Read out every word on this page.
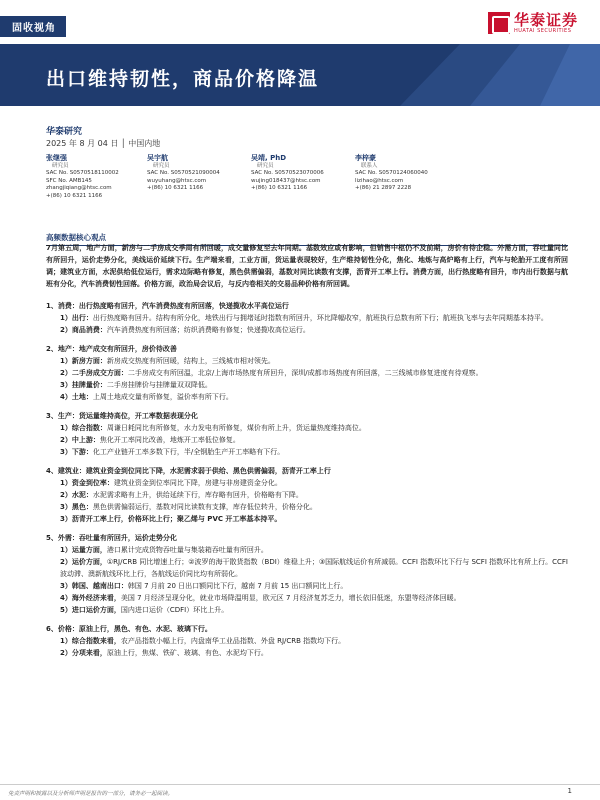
固收视角	华泰证券
HUATAI SECURITIES
出口维持韧性，商品价格降温
华泰研究
2025 年 8 月 04 日 │ 中国内地
张继强
研究员
SAC No. S0570518110002
SFC No. AMB145
zhangjiqiang@htsc.com
+(86) 10 6321 1166
吴宇航
研究员
SAC No. S0570521090004
wuyuhang@htsc.com
+(86) 10 6321 1166
吴靖, PhD
研究员
SAC No. S0570523070006
wujing018437@htsc.com
+(86) 10 6321 1166
李梓豪
联系人
SAC No. S0570124060040
lizihao@htsc.com
+(86) 21 2897 2228
高频数据核心观点
7月第五周，地产方面，新房与二手房成交季周有所回暖，成交量修复至去年同期。基数效应或有影响，但销售中枢仍不及前期，房价有待企稳。外需方面，吞吐量同比有所回升，运价走势分化，美线运价延续下行。生产端来看，工业方面，货运量表现较好，生产维持韧性分化，焦化、地炼与高炉略有上行，汽车与轮胎开工度有所回调；建筑业方面，水泥供给低位运行，需求边际略有修复，黑色供需偏弱，基数对同比读数有支撑，沥青开工率上行。消费方面，出行热度略有回升，市内出行数据与航班有分化，汽车消费韧性回落。价格方面，政治局会议后，与反内卷相关的交易品种价格有所回调。
1、消费：出行热度略有回升，汽车消费热度有所回落，快递揽收水平高位运行
1）出行：出行热度略有回升。结构有所分化，地铁出行与拥堵延时指数有所回升，环比降幅收窄，航班执行总数有所下行；航班执飞率与去年同期基本持平。
2）商品消费：汽车消费热度有所回落；纺织消费略有修复；快递揽收高位运行。
2、地产：地产成交有所回升，房价待改善
1）新房方面：新房成交热度有所回暖，结构上，三线城市相对领先。
2）二手房成交方面：二手房成交有所回温，北京/上海市场热度有所回升，深圳/成都市场热度有所回落，二三线城市修复进度有待观察。
3）挂牌量价：二手房挂牌价与挂牌量双双降低。
4）土地：上周土地成交量有所修复，溢价率有所下行。
3、生产：货运量维持高位，开工率数据表现分化
1）综合指数：周谦日耗同比有所修复，水力发电有所修复，煤价有所上升，货运量热度维持高位。
2）中上游：焦化开工率同比改善，地炼开工率低位修复。
3）下游：化工产业链开工率多数下行，半/全钢胎生产开工率略有下行。
4、建筑业：建筑业资金到位同比下降，水泥需求弱于供给、黑色供需偏弱，沥青开工率上行
1）资金到位率：建筑业资金到位率同比下降，房建与非房建资金分化。
2）水泥：水泥需求略有上升，供给延续下行，库存略有回升，价格略有下降。
3）黑色：黑色供需偏弱运行，基数对同比读数有支撑，库存低位转升，价格分化。
3）沥青开工率上行，价格环比上行；聚乙烯与 PVC 开工率基本持平。
5、外需：吞吐量有所回升，运价走势分化
1）运量方面，港口累计完成货物吞吐量与集装箱吞吐量有所回升。
2）运价方面，①RJ/CRB 同比增速上行；②波罗的海干散货指数（BDI）维稳上升；③国际航线运价有所减弱。CCFI 指数环比下行与 SCFI 指数环比有所上行。CCFI 波动滞、澳新航线环比上行，各航线运价同比均有所弱化。
3）韩国、越南出口：韩国 7 月前 20 日出口额同比下行，越南 7 月前 15 出口额同比上行。
4）海外经济来看，美国 7 月经济呈现分化，就业市场降温明显，欧元区 7 月经济复苏乏力，增长依旧低迷，东盟等经济体回暖。
5）进口运价方面，国内进口运价（CDFI）环比上升。
6、价格：原油上行，黑色、有色、水泥、玻璃下行。
1）综合指数来看，农产品指数小幅上行，内盘南华工业品指数、外盘 RJ/CRB 指数均下行。
2）分项来看，原油上行，焦煤、铁矿、玻璃、有色、水泥均下行。
免责声明和披露以及分析师声明是报告的一部分，请务必一起阅读。	1
